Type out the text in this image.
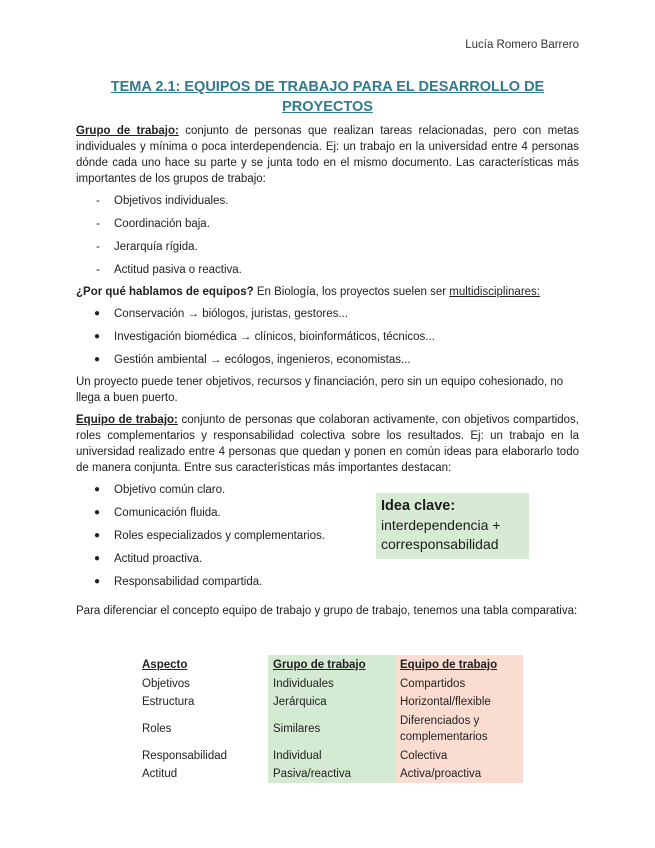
Lucía Romero Barrero
TEMA 2.1: EQUIPOS DE TRABAJO PARA EL DESARROLLO DE PROYECTOS
Grupo de trabajo: conjunto de personas que realizan tareas relacionadas, pero con metas individuales y mínima o poca interdependencia. Ej: un trabajo en la universidad entre 4 personas dónde cada uno hace su parte y se junta todo en el mismo documento. Las características más importantes de los grupos de trabajo:
- Objetivos individuales.
- Coordinación baja.
- Jerarquía rígida.
- Actitud pasiva o reactiva.
¿Por qué hablamos de equipos? En Biología, los proyectos suelen ser multidisciplinares:
● Conservación → biólogos, juristas, gestores...
● Investigación biomédica → clínicos, bioinformáticos, técnicos...
● Gestión ambiental → ecólogos, ingenieros, economistas...
Un proyecto puede tener objetivos, recursos y financiación, pero sin un equipo cohesionado, no llega a buen puerto.
Equipo de trabajo: conjunto de personas que colaboran activamente, con objetivos compartidos, roles complementarios y responsabilidad colectiva sobre los resultados. Ej: un trabajo en la universidad realizado entre 4 personas que quedan y ponen en común ideas para elaborarlo todo de manera conjunta. Entre sus características más importantes destacan:
● Objetivo común claro.
● Comunicación fluida.
● Roles especializados y complementarios.
● Actitud proactiva.
● Responsabilidad compartida.
Idea clave:
interdependencia +
corresponsabilidad
Para diferenciar el concepto equipo de trabajo y grupo de trabajo, tenemos una tabla comparativa:
Aspecto	Grupo de trabajo	Equipo de trabajo
Objetivos	Individuales	Compartidos
Estructura	Jerárquica	Horizontal/flexible
Roles	Similares	Diferenciados y complementarios
Responsabilidad	Individual	Colectiva
Actitud	Pasiva/reactiva	Activa/proactiva
